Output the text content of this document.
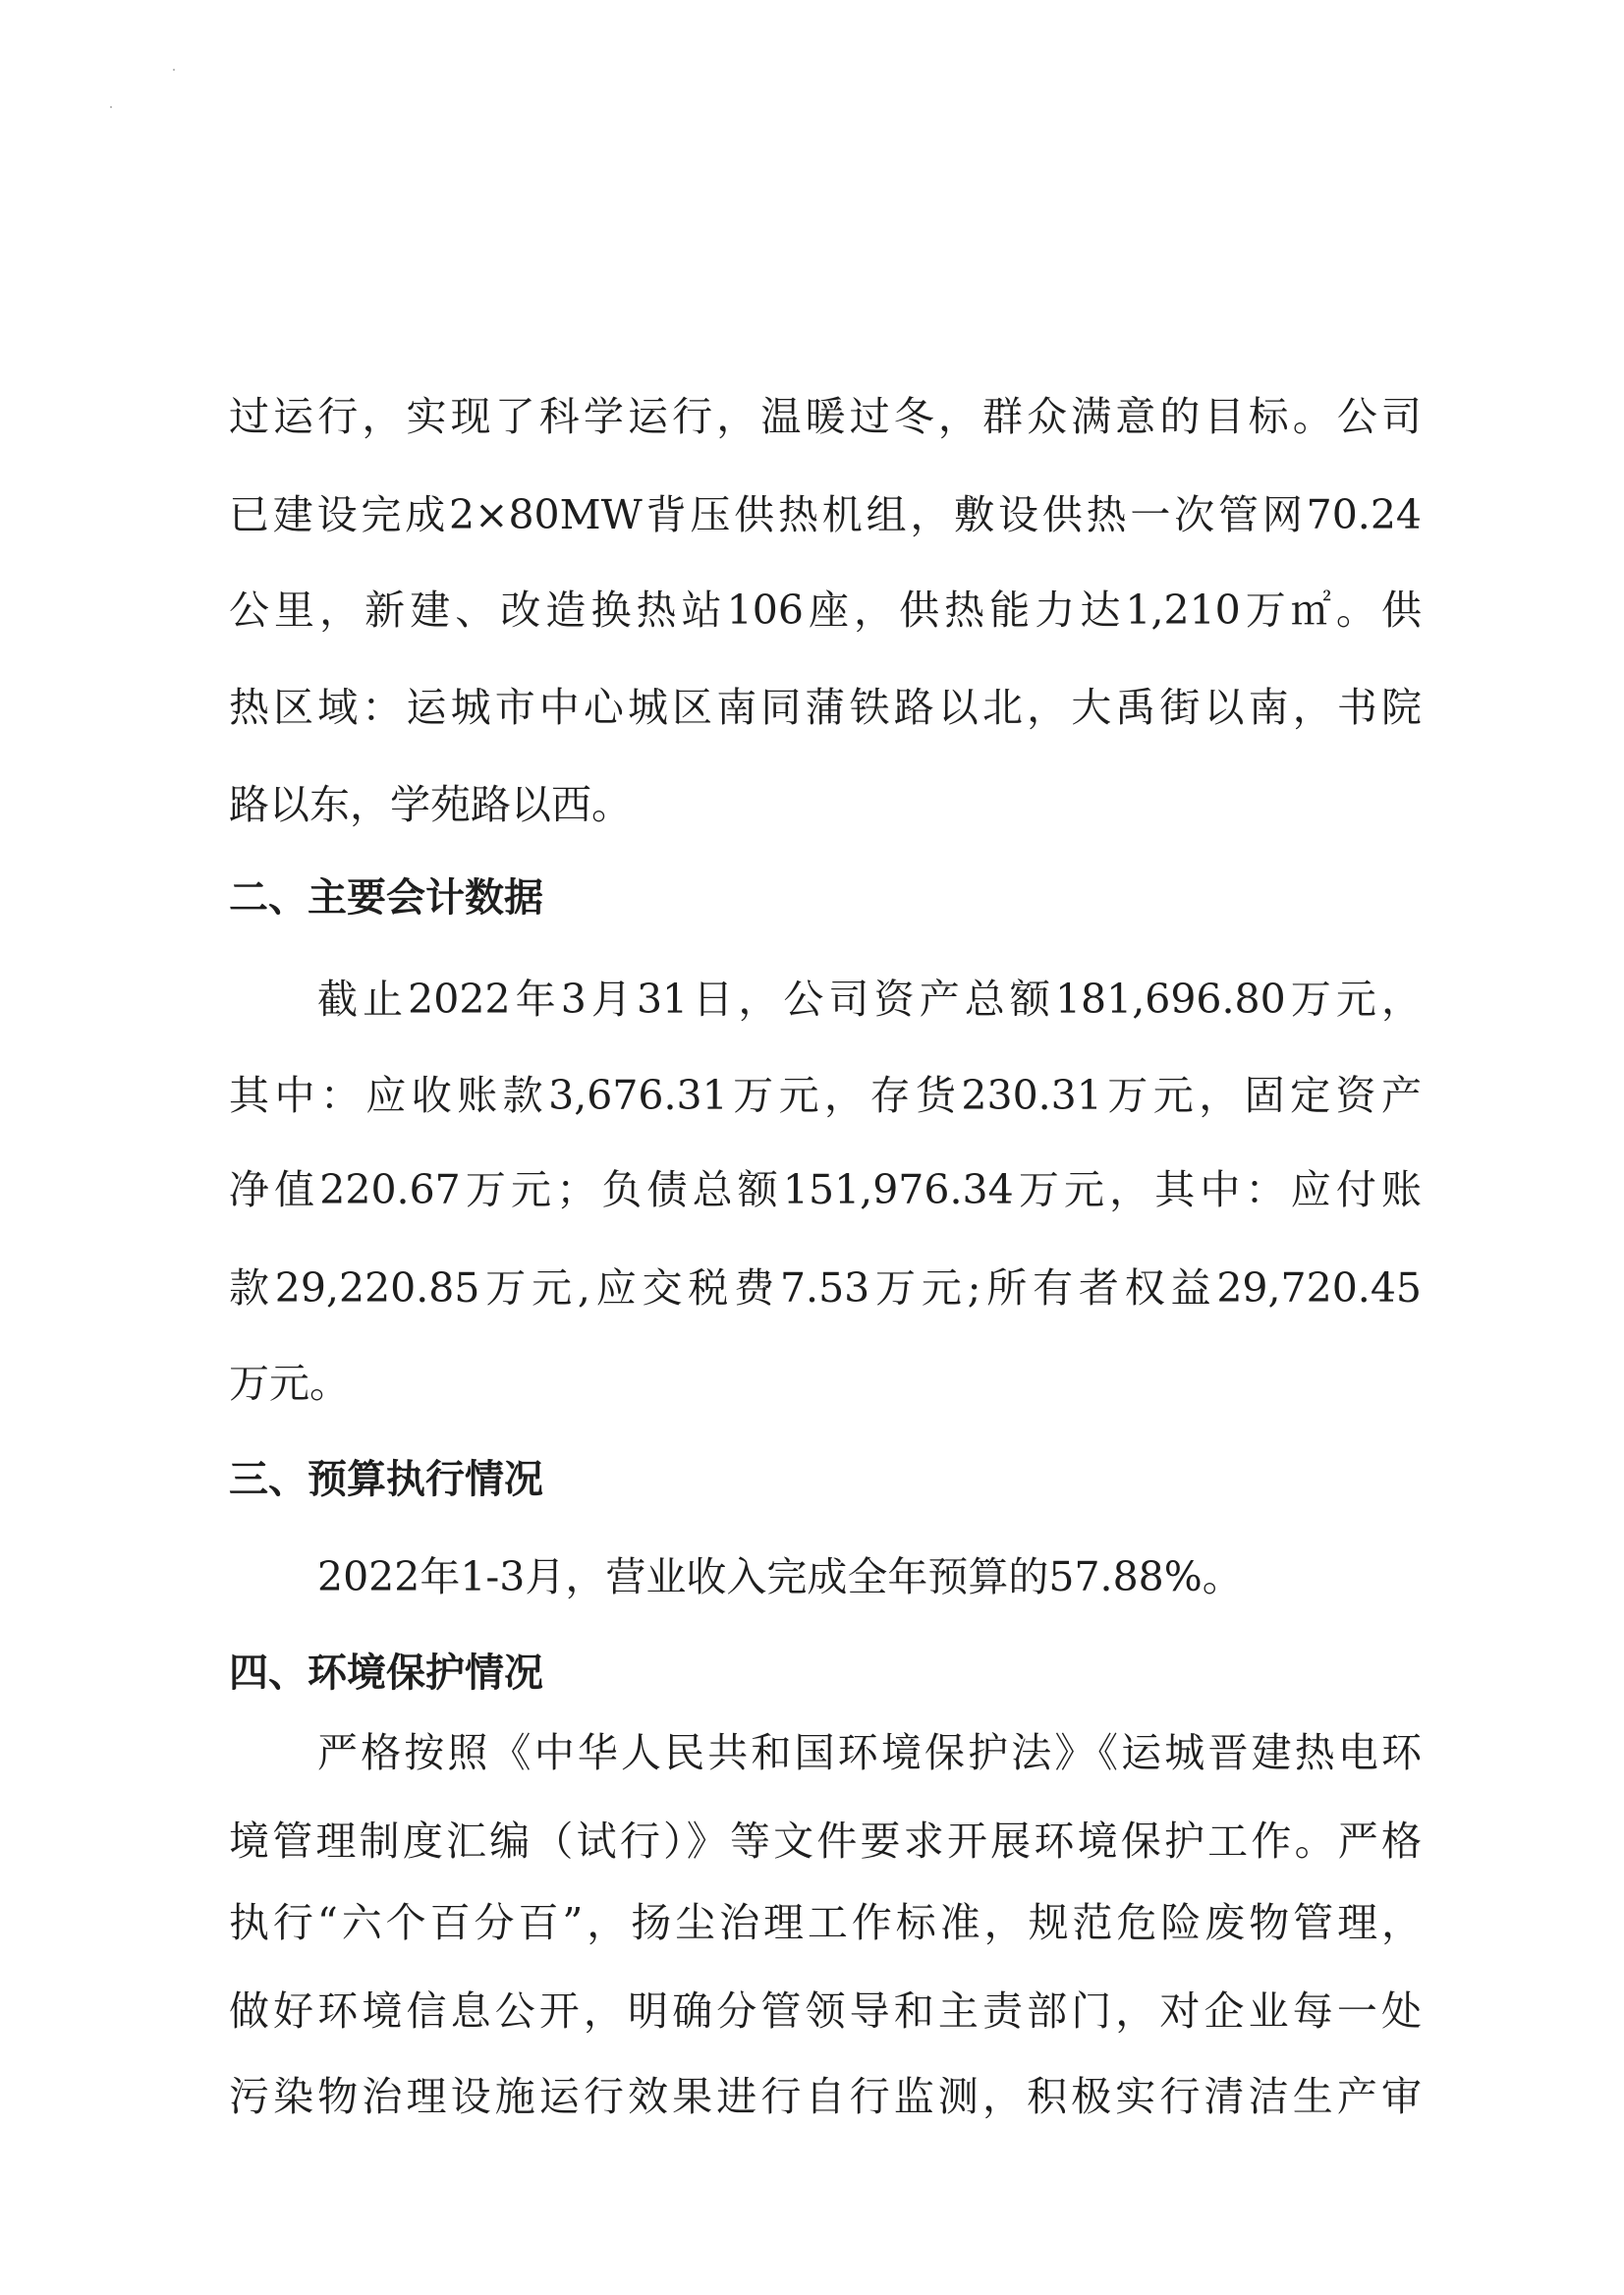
过运行，实现了科学运行，温暖过冬，群众满意的目标。公司
已建设完成2×80MW背压供热机组，敷设供热一次管网70.24
公里，新建、改造换热站106座，供热能力达1,210万㎡。供
热区域：运城市中心城区南同蒲铁路以北，大禹街以南，书院
路以东，学苑路以西。
二、主要会计数据
截止2022年3月31日，公司资产总额181,696.80万元，
其中：应收账款3,676.31万元，存货230.31万元，固定资产
净值220.67万元；负债总额151,976.34万元，其中：应付账
款29,220.85万元,应交税费7.53万元;所有者权益29,720.45
万元。
三、预算执行情况
2022年1-3月，营业收入完成全年预算的57.88%。
四、环境保护情况
严格按照《中华人民共和国环境保护法》《运城晋建热电环
境管理制度汇编（试行）》等文件要求开展环境保护工作。严格
执行“六个百分百”，扬尘治理工作标准，规范危险废物管理，
做好环境信息公开，明确分管领导和主责部门，对企业每一处
污染物治理设施运行效果进行自行监测，积极实行清洁生产审
